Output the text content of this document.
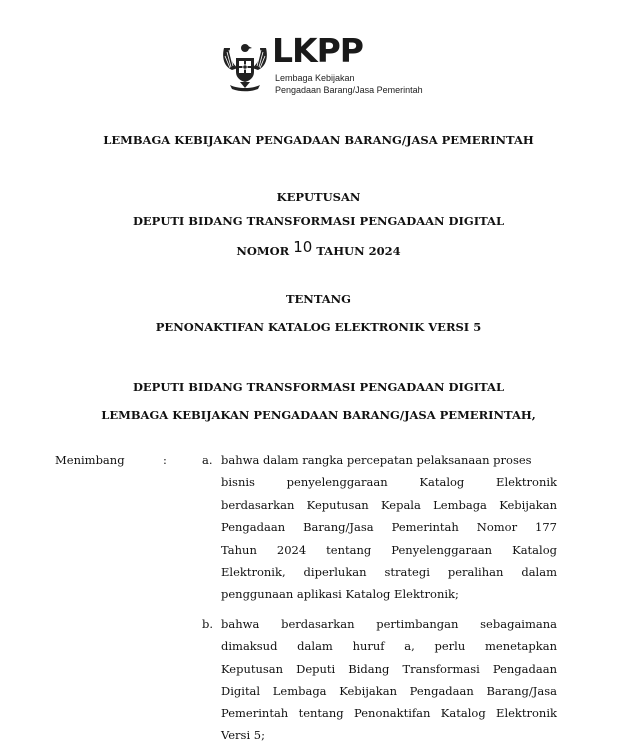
LKPP
Lembaga Kebijakan
Pengadaan Barang/Jasa Pemerintah
LEMBAGA KEBIJAKAN PENGADAAN BARANG/JASA PEMERINTAH
KEPUTUSAN
DEPUTI BIDANG TRANSFORMASI PENGADAAN DIGITAL
NOMOR 10 TAHUN 2024
TENTANG
PENONAKTIFAN KATALOG ELEKTRONIK VERSI 5
DEPUTI BIDANG TRANSFORMASI PENGADAAN DIGITAL
LEMBAGA KEBIJAKAN PENGADAAN BARANG/JASA PEMERINTAH,
Menimbang	:	a. bahwa dalam rangka percepatan pelaksanaan proses
bisnis penyelenggaraan Katalog Elektronik
berdasarkan Keputusan Kepala Lembaga Kebijakan
Pengadaan Barang/Jasa Pemerintah Nomor 177
Tahun 2024 tentang Penyelenggaraan Katalog
Elektronik, diperlukan strategi peralihan dalam
penggunaan aplikasi Katalog Elektronik;
b. bahwa berdasarkan pertimbangan sebagaimana
dimaksud dalam huruf a, perlu menetapkan
Keputusan Deputi Bidang Transformasi Pengadaan
Digital Lembaga Kebijakan Pengadaan Barang/Jasa
Pemerintah tentang Penonaktifan Katalog Elektronik
Versi 5;
